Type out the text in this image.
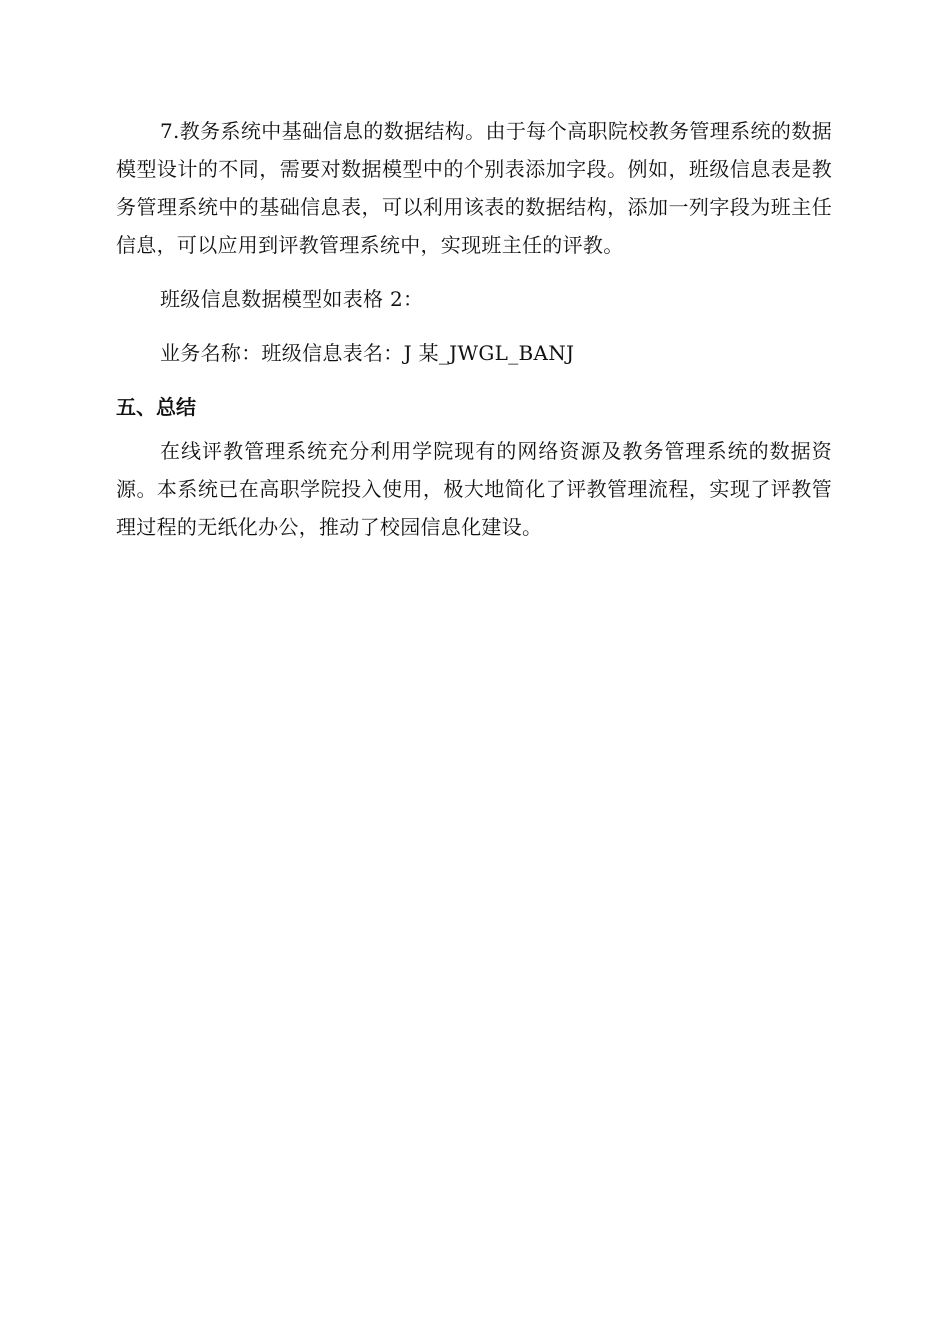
7.教务系统中基础信息的数据结构。由于每个高职院校教务管理系统的数据模型设计的不同，需要对数据模型中的个别表添加字段。例如，班级信息表是教务管理系统中的基础信息表，可以利用该表的数据结构，添加一列字段为班主任信息，可以应用到评教管理系统中，实现班主任的评教。

班级信息数据模型如表格 2：

业务名称：班级信息表名：J 某_JWGL_BANJ

五、总结

在线评教管理系统充分利用学院现有的网络资源及教务管理系统的数据资源。本系统已在高职学院投入使用，极大地简化了评教管理流程，实现了评教管理过程的无纸化办公，推动了校园信息化建设。
